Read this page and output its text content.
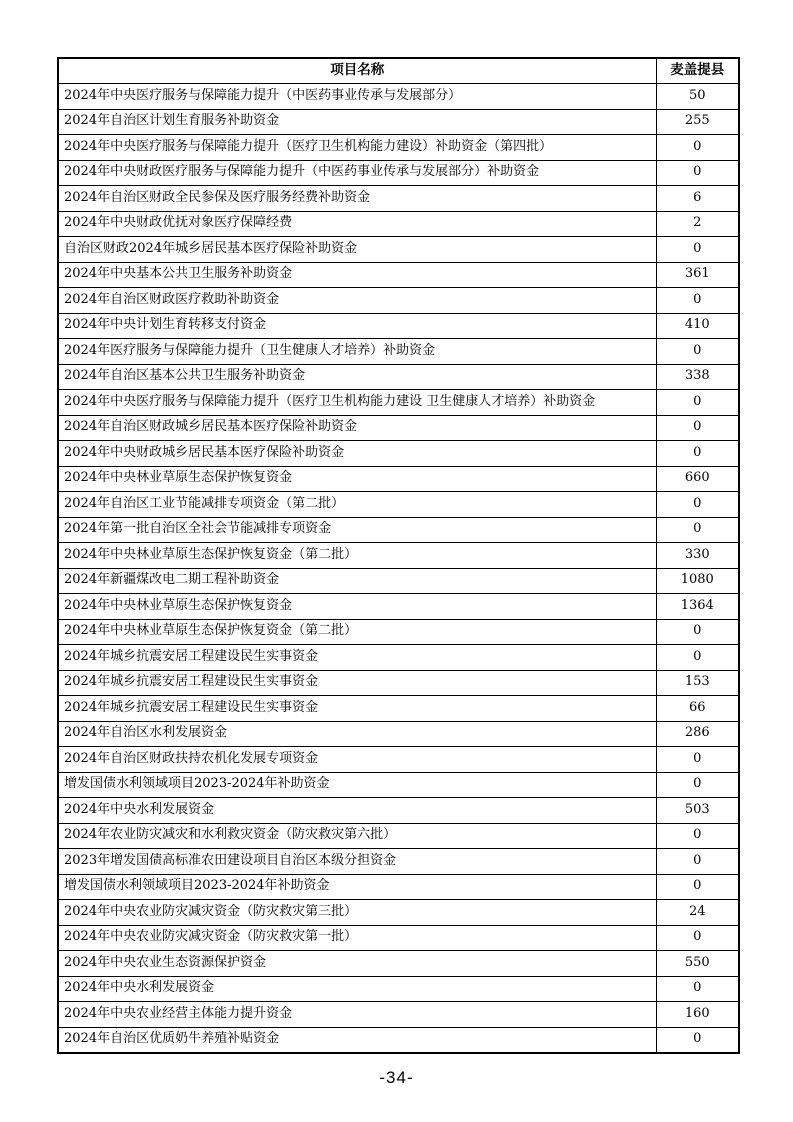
项目名称	麦盖提县
2024年中央医疗服务与保障能力提升（中医药事业传承与发展部分）	50
2024年自治区计划生育服务补助资金	255
2024年中央医疗服务与保障能力提升（医疗卫生机构能力建设）补助资金（第四批）	0
2024年中央财政医疗服务与保障能力提升（中医药事业传承与发展部分）补助资金	0
2024年自治区财政全民参保及医疗服务经费补助资金	6
2024年中央财政优抚对象医疗保障经费	2
自治区财政2024年城乡居民基本医疗保险补助资金	0
2024年中央基本公共卫生服务补助资金	361
2024年自治区财政医疗救助补助资金	0
2024年中央计划生育转移支付资金	410
2024年医疗服务与保障能力提升（卫生健康人才培养）补助资金	0
2024年自治区基本公共卫生服务补助资金	338
2024年中央医疗服务与保障能力提升（医疗卫生机构能力建设 卫生健康人才培养）补助资金	0
2024年自治区财政城乡居民基本医疗保险补助资金	0
2024年中央财政城乡居民基本医疗保险补助资金	0
2024年中央林业草原生态保护恢复资金	660
2024年自治区工业节能减排专项资金（第二批）	0
2024年第一批自治区全社会节能减排专项资金	0
2024年中央林业草原生态保护恢复资金（第二批）	330
2024年新疆煤改电二期工程补助资金	1080
2024年中央林业草原生态保护恢复资金	1364
2024年中央林业草原生态保护恢复资金（第二批）	0
2024年城乡抗震安居工程建设民生实事资金	0
2024年城乡抗震安居工程建设民生实事资金	153
2024年城乡抗震安居工程建设民生实事资金	66
2024年自治区水利发展资金	286
2024年自治区财政扶持农机化发展专项资金	0
增发国债水利领域项目2023-2024年补助资金	0
2024年中央水利发展资金	503
2024年农业防灾减灾和水利救灾资金（防灾救灾第六批）	0
2023年增发国债高标准农田建设项目自治区本级分担资金	0
增发国债水利领域项目2023-2024年补助资金	0
2024年中央农业防灾减灾资金（防灾救灾第三批）	24
2024年中央农业防灾减灾资金（防灾救灾第一批）	0
2024年中央农业生态资源保护资金	550
2024年中央水利发展资金	0
2024年中央农业经营主体能力提升资金	160
2024年自治区优质奶牛养殖补贴资金	0
-34-
